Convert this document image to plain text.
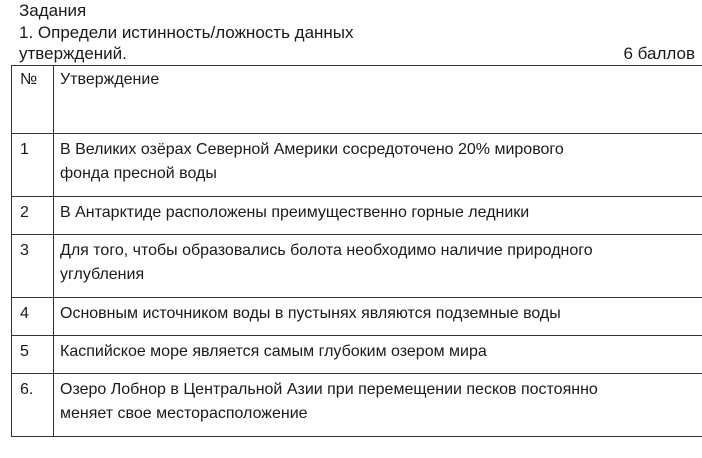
Задания
1. Определи истинность/ложность данных
утверждений.	6 баллов
№	Утверждение
1	В Великих озёрах Северной Америки сосредоточено 20% мирового
фонда пресной воды

2	В Антарктиде расположены преимущественно горные ледники

3	Для того, чтобы образовались болота необходимо наличие природного
углубления

4	Основным источником воды в пустынях являются подземные воды

5	Каспийское море является самым глубоким озером мира

6.	Озеро Лобнор в Центральной Азии при перемещении песков постоянно
меняет свое месторасположение
